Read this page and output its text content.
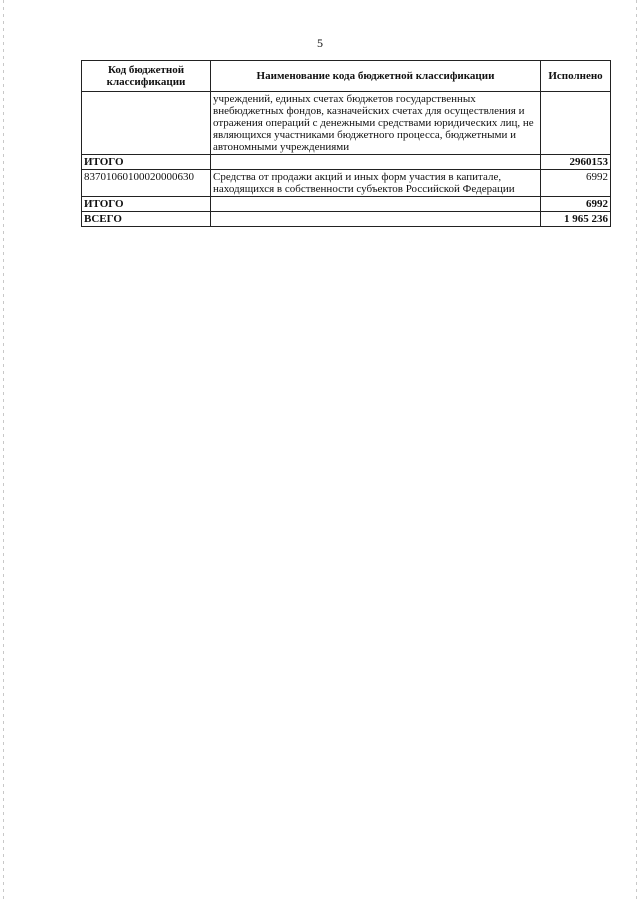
5
Код бюджетной классификации	Наименование кода бюджетной классификации	Исполнено
	учреждений, единых счетах бюджетов государственных внебюджетных фондов, казначейских счетах для осуществления и отражения операций с денежными средствами юридических лиц, не являющихся участниками бюджетного процесса, бюджетными и автономными учреждениями	
ИТОГО		2960153
83701060100020000630	Средства от продажи акций и иных форм участия в капитале, находящихся в собственности субъектов Российской Федерации	6992
ИТОГО		6992
ВСЕГО		1 965 236
